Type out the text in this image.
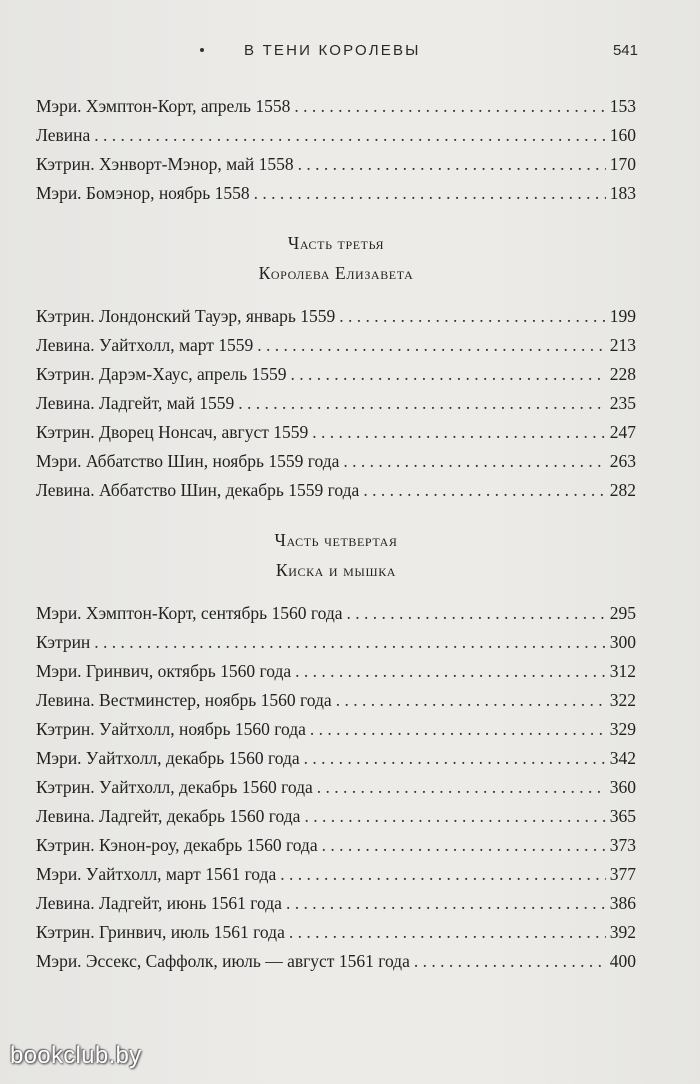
В ТЕНИ КОРОЛЕВЫ	541
Мэри. Хэмптон-Корт, апрель 1558 . . .	153
Левина . . .	160
Кэтрин. Хэнворт-Мэнор, май 1558 . . .	170
Мэри. Бомэнор, ноябрь 1558 . . .	183
Часть третья
Королева Елизавета
Кэтрин. Лондонский Тауэр, январь 1559 . . .	199
Левина. Уайтхолл, март 1559 . . .	213
Кэтрин. Дарэм-Хаус, апрель 1559 . . .	228
Левина. Ладгейт, май 1559 . . .	235
Кэтрин. Дворец Нонсач, август 1559 . . .	247
Мэри. Аббатство Шин, ноябрь 1559 года . . .	263
Левина. Аббатство Шин, декабрь 1559 года . . .	282
Часть четвертая
Киска и мышка
Мэри. Хэмптон-Корт, сентябрь 1560 года . . .	295
Кэтрин . . .	300
Мэри. Гринвич, октябрь 1560 года . . .	312
Левина. Вестминстер, ноябрь 1560 года . . .	322
Кэтрин. Уайтхолл, ноябрь 1560 года . . .	329
Мэри. Уайтхолл, декабрь 1560 года . . .	342
Кэтрин. Уайтхолл, декабрь 1560 года . . .	360
Левина. Ладгейт, декабрь 1560 года . . .	365
Кэтрин. Кэнон-роу, декабрь 1560 года . . .	373
Мэри. Уайтхолл, март 1561 года . . .	377
Левина. Ладгейт, июнь 1561 года . . .	386
Кэтрин. Гринвич, июль 1561 года . . .	392
Мэри. Эссекс, Саффолк, июль — август 1561 года . . .	400
bookclub.by
